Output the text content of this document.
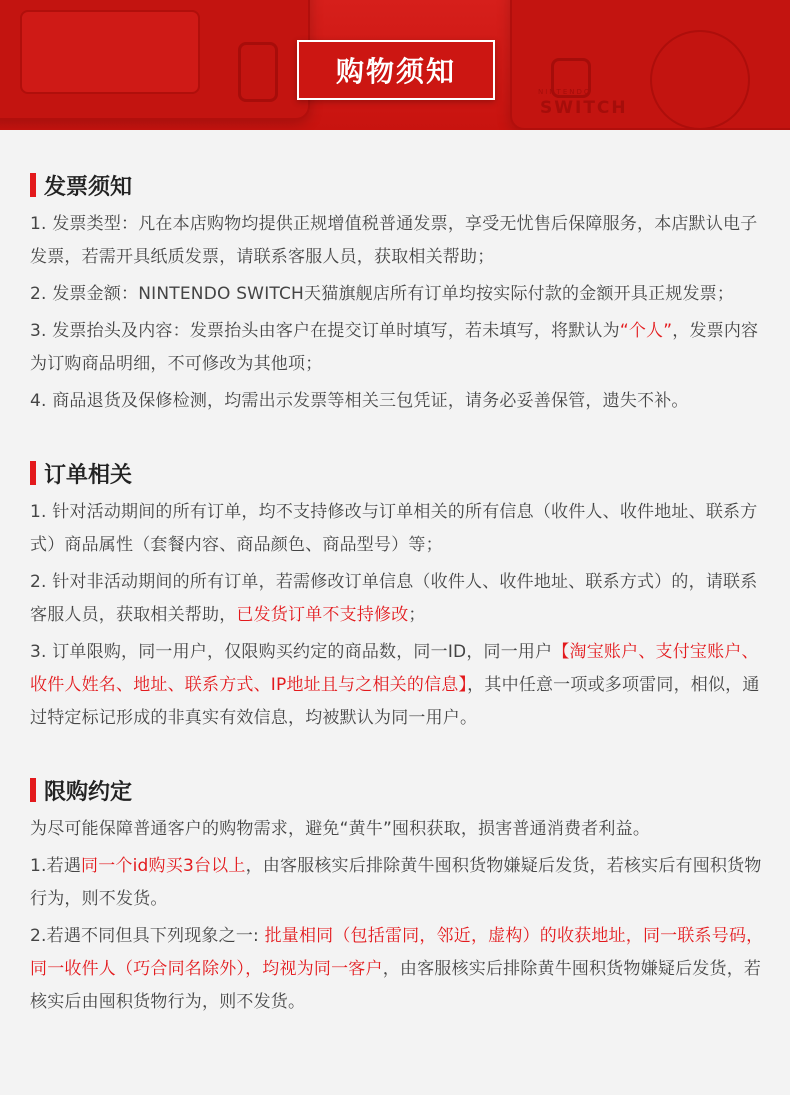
NINTENDO
SWITCH
购物须知
发票须知

1. 发票类型：凡在本店购物均提供正规增值税普通发票，享受无忧售后保障服务，本店默认电子发票，若需开具纸质发票，请联系客服人员，获取相关帮助；

2. 发票金额：NINTENDO SWITCH天猫旗舰店所有订单均按实际付款的金额开具正规发票；

3. 发票抬头及内容：发票抬头由客户在提交订单时填写，若未填写，将默认为“个人”，发票内容为订购商品明细，不可修改为其他项；

4. 商品退货及保修检测，均需出示发票等相关三包凭证，请务必妥善保管，遗失不补。

订单相关

1. 针对活动期间的所有订单，均不支持修改与订单相关的所有信息（收件人、收件地址、联系方式）商品属性（套餐内容、商品颜色、商品型号）等；

2. 针对非活动期间的所有订单，若需修改订单信息（收件人、收件地址、联系方式）的，请联系客服人员，获取相关帮助，已发货订单不支持修改；

3. 订单限购，同一用户，仅限购买约定的商品数，同一ID，同一用户【淘宝账户、支付宝账户、收件人姓名、地址、联系方式、IP地址且与之相关的信息】，其中任意一项或多项雷同，相似，通过特定标记形成的非真实有效信息，均被默认为同一用户。

限购约定

为尽可能保障普通客户的购物需求，避免“黄牛”囤积获取，损害普通消费者利益。

1.若遇同一个id购买3台以上，由客服核实后排除黄牛囤积货物嫌疑后发货，若核实后有囤积货物行为，则不发货。

2.若遇不同但具下列现象之一: 批量相同（包括雷同，邻近，虚构）的收获地址，同一联系号码，同一收件人（巧合同名除外），均视为同一客户，由客服核实后排除黄牛囤积货物嫌疑后发货，若核实后由囤积货物行为，则不发货。
